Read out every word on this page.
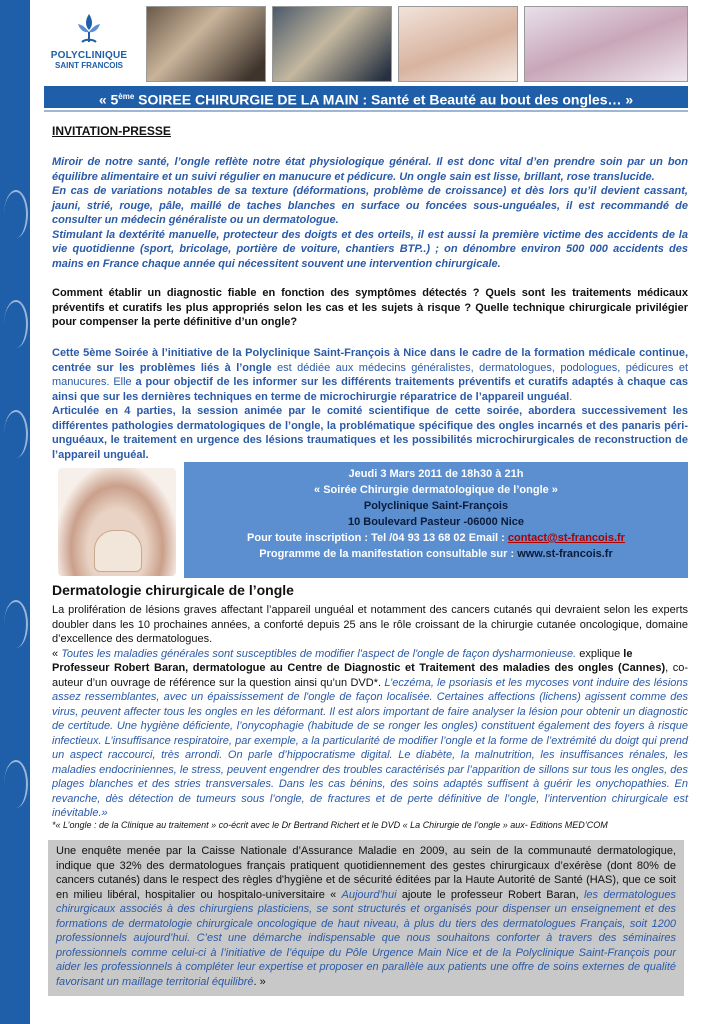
POLYCLINIQUE
SAINT FRANCOIS
« 5ème SOIREE CHIRURGIE DE LA MAIN : Santé et Beauté au bout des ongles… »
INVITATION-PRESSE
Miroir de notre santé, l’ongle reflète notre état physiologique général. Il est donc vital d’en prendre soin par un bon équilibre alimentaire et un suivi régulier en manucure et pédicure. Un ongle sain est lisse, brillant, rose translucide.
En cas de variations notables de sa texture (déformations, problème de croissance) et dès lors qu’il devient cassant, jauni, strié, rouge, pâle, maillé de taches blanches en surface ou foncées sous-unguéales, il est recommandé de consulter un médecin généraliste ou un dermatologue.
Stimulant la dextérité manuelle, protecteur des doigts et des orteils, il est aussi la première victime des accidents de la vie quotidienne (sport, bricolage, portière de voiture, chantiers BTP..) ; on dénombre environ 500 000 accidents des mains en France chaque année qui nécessitent souvent une intervention chirurgicale.
Comment établir un diagnostic fiable en fonction des symptômes détectés ? Quels sont les traitements médicaux préventifs et curatifs les plus appropriés selon les cas et les sujets à risque ? Quelle technique chirurgicale privilégier pour compenser la perte définitive d’un ongle?
Cette 5ème Soirée à l’initiative de la Polyclinique Saint-François à Nice dans le cadre de la formation médicale continue, centrée sur les problèmes liés à l’ongle est dédiée aux médecins généralistes, dermatologues, podologues, pédicures et manucures. Elle a pour objectif de les informer sur les différents traitements préventifs et curatifs adaptés à chaque cas ainsi que sur les dernières techniques en terme de microchirurgie réparatrice de l’appareil unguéal.
Articulée en 4 parties, la session animée par le comité scientifique de cette soirée, abordera successivement les différentes pathologies dermatologiques de l’ongle, la problématique spécifique des ongles incarnés et des panaris péri-unguéaux, le traitement en urgence des lésions traumatiques et les possibilités microchirurgicales de reconstruction de l’appareil unguéal.
Jeudi 3 Mars 2011 de 18h30 à 21h
« Soirée Chirurgie dermatologique de l’ongle »
Polyclinique Saint-François
10 Boulevard Pasteur -06000 Nice
Pour toute inscription : Tel /04 93 13 68 02 Email : contact@st-francois.fr
Programme de la manifestation consultable sur : www.st-francois.fr
Dermatologie chirurgicale de l’ongle
La prolifération de lésions graves affectant l’appareil unguéal et notamment des cancers cutanés qui devraient selon les experts doubler dans les 10 prochaines années, a conforté depuis 25 ans le rôle croissant de la chirurgie cutanée oncologique, domaine d’excellence des dermatologues.
« Toutes les maladies générales sont susceptibles de modifier l'aspect de l'ongle de façon dysharmonieuse. explique le
Professeur Robert Baran, dermatologue au Centre de Diagnostic et Traitement des maladies des ongles (Cannes), co-auteur d’un ouvrage de référence sur la question ainsi qu’un DVD*. L’eczéma, le psoriasis et les mycoses vont induire des lésions assez ressemblantes, avec un épaississement de l'ongle de façon localisée. Certaines affections (lichens) agissent comme des virus, peuvent affecter tous les ongles en les déformant. Il est alors important de faire analyser la lésion pour obtenir un diagnostic de certitude. Une hygiène déficiente, l’onycophagie (habitude de se ronger les ongles) constituent également des foyers à risque infectieux. L’insuffisance respiratoire, par exemple, a la particularité de modifier l’ongle et la forme de l’extrémité du doigt qui prend un aspect raccourci, très arrondi. On parle d’hippocratisme digital. Le diabète, la malnutrition, les insuffisances rénales, les maladies endocriniennes, le stress, peuvent engendrer des troubles caractérisés par l’apparition de sillons sur tous les ongles, des plages blanches et des stries transversales. Dans les cas bénins, des soins adaptés suffisent à guérir les onychopathies. En revanche, dès détection de tumeurs sous l’ongle, de fractures et de perte définitive de l’ongle, l’intervention chirurgicale est inévitable.»
*« L’ongle : de la Clinique au traitement » co-écrit avec le Dr Bertrand Richert et le DVD « La Chirurgie de l’ongle » aux- Editions MED’COM
Une enquête menée par la Caisse Nationale d’Assurance Maladie en 2009, au sein de la communauté dermatologique, indique que 32% des dermatologues français pratiquent quotidiennement des gestes chirurgicaux d’exérèse (dont 80% de cancers cutanés) dans le respect des règles d'hygiène et de sécurité éditées par la Haute Autorité de Santé (HAS), que ce soit en milieu libéral, hospitalier ou hospitalo-universitaire « Aujourd’hui ajoute le professeur Robert Baran, les dermatologues chirurgicaux associés à des chirurgiens plasticiens, se sont structurés et organisés pour dispenser un enseignement et des formations de dermatologie chirurgicale oncologique de haut niveau, à plus du tiers des dermatologues Français, soit 1200 professionnels aujourd’hui. C’est une démarche indispensable que nous souhaitons conforter à travers des séminaires professionnels comme celui-ci à l’initiative de l’équipe du Pôle Urgence Main Nice et de la Polyclinique Saint-François pour aider les professionnels à compléter leur expertise et proposer en parallèle aux patients une offre de soins externes de qualité favorisant un maillage territorial équilibré. »
